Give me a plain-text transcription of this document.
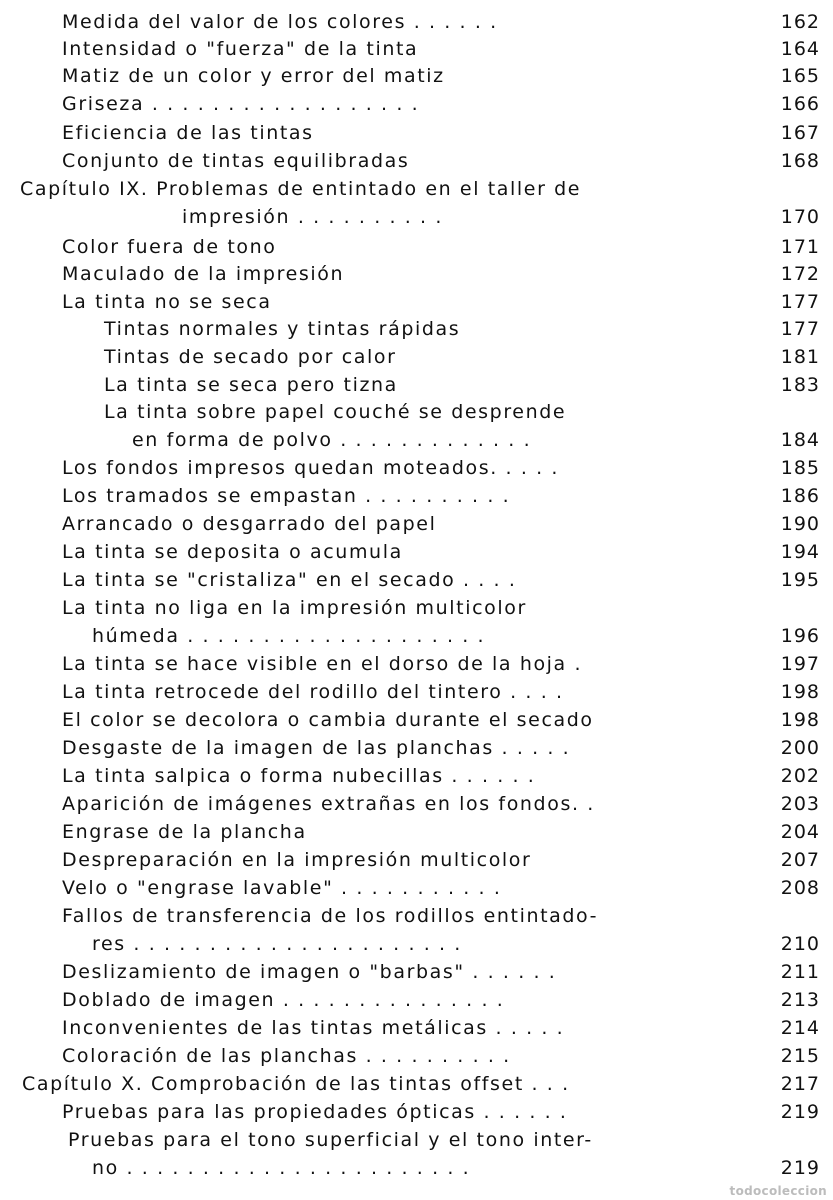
Medida del valor de los colores . . . . . .	162
Intensidad o "fuerza" de la tinta	164
Matiz de un color y error del matiz	165
Griseza . . . . . . . . . . . . . . . . . .	166
Eficiencia de las tintas	167
Conjunto de tintas equilibradas	168
Capítulo IX. Problemas de entintado en el taller de
impresión . . . . . . . . . .	170
Color fuera de tono	171
Maculado de la impresión	172
La tinta no se seca	177
Tintas normales y tintas rápidas	177
Tintas de secado por calor	181
La tinta se seca pero tizna	183
La tinta sobre papel couché se desprende
en forma de polvo . . . . . . . . . . . . .	184
Los fondos impresos quedan moteados. . . . .	185
Los tramados se empastan . . . . . . . . . .	186
Arrancado o desgarrado del papel	190
La tinta se deposita o acumula	194
La tinta se "cristaliza" en el secado . . . .	195
La tinta no liga en la impresión multicolor
húmeda . . . . . . . . . . . . . . . . . . . .	196
La tinta se hace visible en el dorso de la hoja .	197
La tinta retrocede del rodillo del tintero . . . .	198
El color se decolora o cambia durante el secado	198
Desgaste de la imagen de las planchas . . . . .	200
La tinta salpica o forma nubecillas . . . . . .	202
Aparición de imágenes extrañas en los fondos. .	203
Engrase de la plancha	204
Despreparación en la impresión multicolor	207
Velo o "engrase lavable" . . . . . . . . . . .	208
Fallos de transferencia de los rodillos entintado-
res . . . . . . . . . . . . . . . . . . . . . .	210
Deslizamiento de imagen o "barbas" . . . . . .	211
Doblado de imagen . . . . . . . . . . . . . . .	213
Inconvenientes de las tintas metálicas . . . . .	214
Coloración de las planchas . . . . . . . . . .	215
Capítulo X. Comprobación de las tintas offset . . .	217
Pruebas para las propiedades ópticas . . . . . .	219
Pruebas para el tono superficial y el tono inter-
no . . . . . . . . . . . . . . . . . . . . . . .	219
todocoleccion
